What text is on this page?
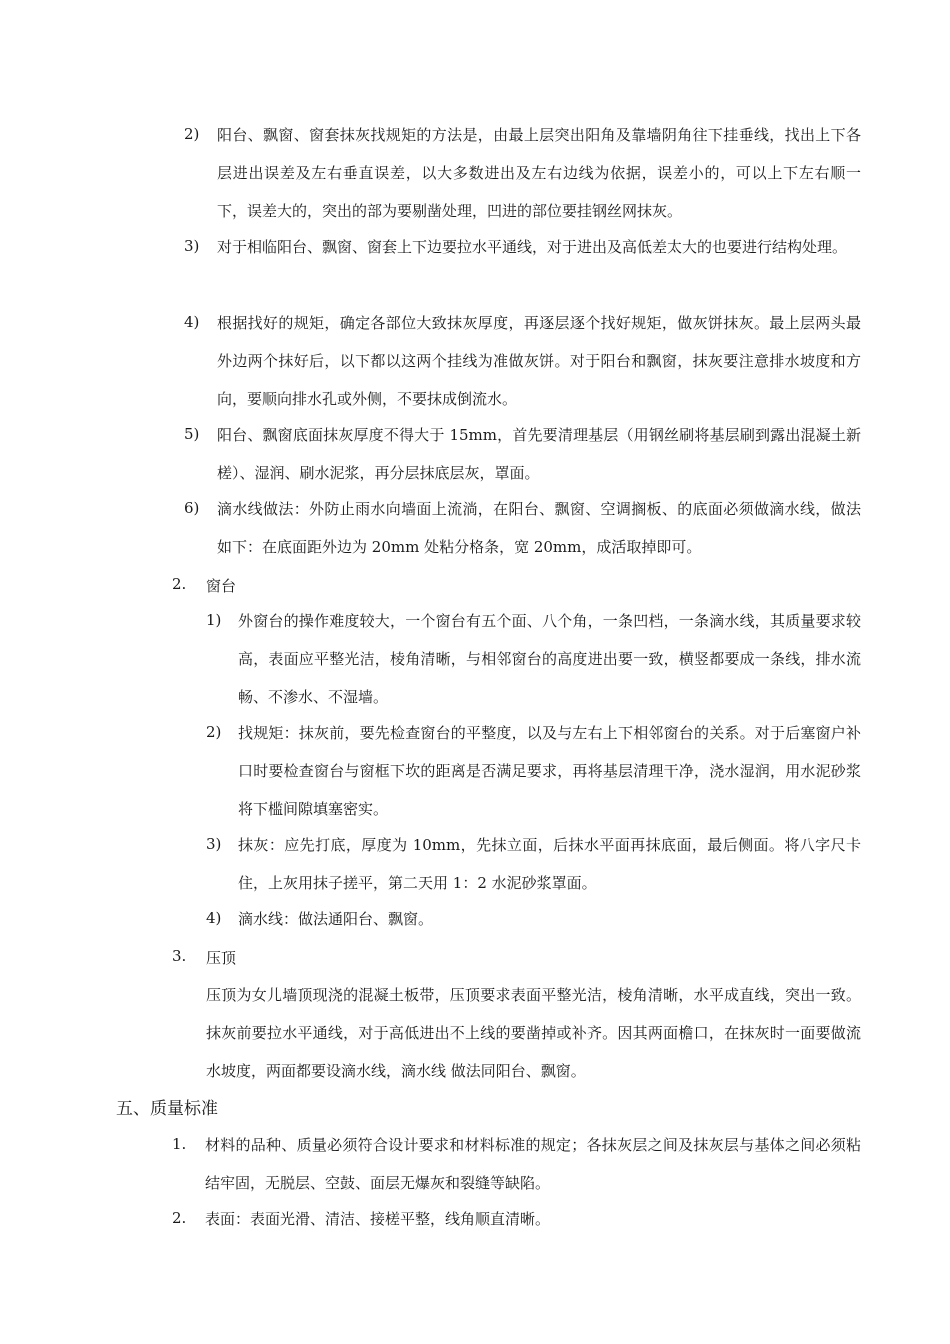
2) 阳台、飘窗、窗套抹灰找规矩的方法是，由最上层突出阳角及靠墙阴角往下挂垂线，找出上下各层进出误差及左右垂直误差，以大多数进出及左右边线为依据，误差小的，可以上下左右顺一下，误差大的，突出的部为要剔凿处理，凹进的部位要挂钢丝网抹灰。
3) 对于相临阳台、飘窗、窗套上下边要拉水平通线，对于进出及高低差太大的也要进行结构处理。
4) 根据找好的规矩，确定各部位大致抹灰厚度，再逐层逐个找好规矩，做灰饼抹灰。最上层两头最外边两个抹好后，以下都以这两个挂线为准做灰饼。对于阳台和飘窗，抹灰要注意排水坡度和方向，要顺向排水孔或外侧，不要抹成倒流水。
5) 阳台、飘窗底面抹灰厚度不得大于 15mm，首先要清理基层（用钢丝刷将基层刷到露出混凝土新槎）、湿润、刷水泥浆，再分层抹底层灰，罩面。
6) 滴水线做法：外防止雨水向墙面上流淌，在阳台、飘窗、空调搁板、的底面必须做滴水线，做法如下：在底面距外边为 20mm 处粘分格条，宽 20mm，成活取掉即可。
2. 窗台
1) 外窗台的操作难度较大，一个窗台有五个面、八个角，一条凹档，一条滴水线，其质量要求较高，表面应平整光洁，棱角清晰，与相邻窗台的高度进出要一致，横竖都要成一条线，排水流畅、不渗水、不湿墙。
2) 找规矩：抹灰前，要先检查窗台的平整度，以及与左右上下相邻窗台的关系。对于后塞窗户补口时要检查窗台与窗框下坎的距离是否满足要求，再将基层清理干净，浇水湿润，用水泥砂浆将下槛间隙填塞密实。
3) 抹灰：应先打底，厚度为 10mm，先抹立面，后抹水平面再抹底面，最后侧面。将八字尺卡住，上灰用抹子搓平，第二天用 1：2 水泥砂浆罩面。
4) 滴水线：做法通阳台、飘窗。
3. 压顶
压顶为女儿墙顶现浇的混凝土板带，压顶要求表面平整光洁，棱角清晰，水平成直线，突出一致。抹灰前要拉水平通线，对于高低进出不上线的要凿掉或补齐。因其两面檐口，在抹灰时一面要做流水坡度，两面都要设滴水线，滴水线 做法同阳台、飘窗。
五、质量标准
1. 材料的品种、质量必须符合设计要求和材料标准的规定；各抹灰层之间及抹灰层与基体之间必须粘结牢固，无脱层、空鼓、面层无爆灰和裂缝等缺陷。
2. 表面：表面光滑、清洁、接槎平整，线角顺直清晰。
